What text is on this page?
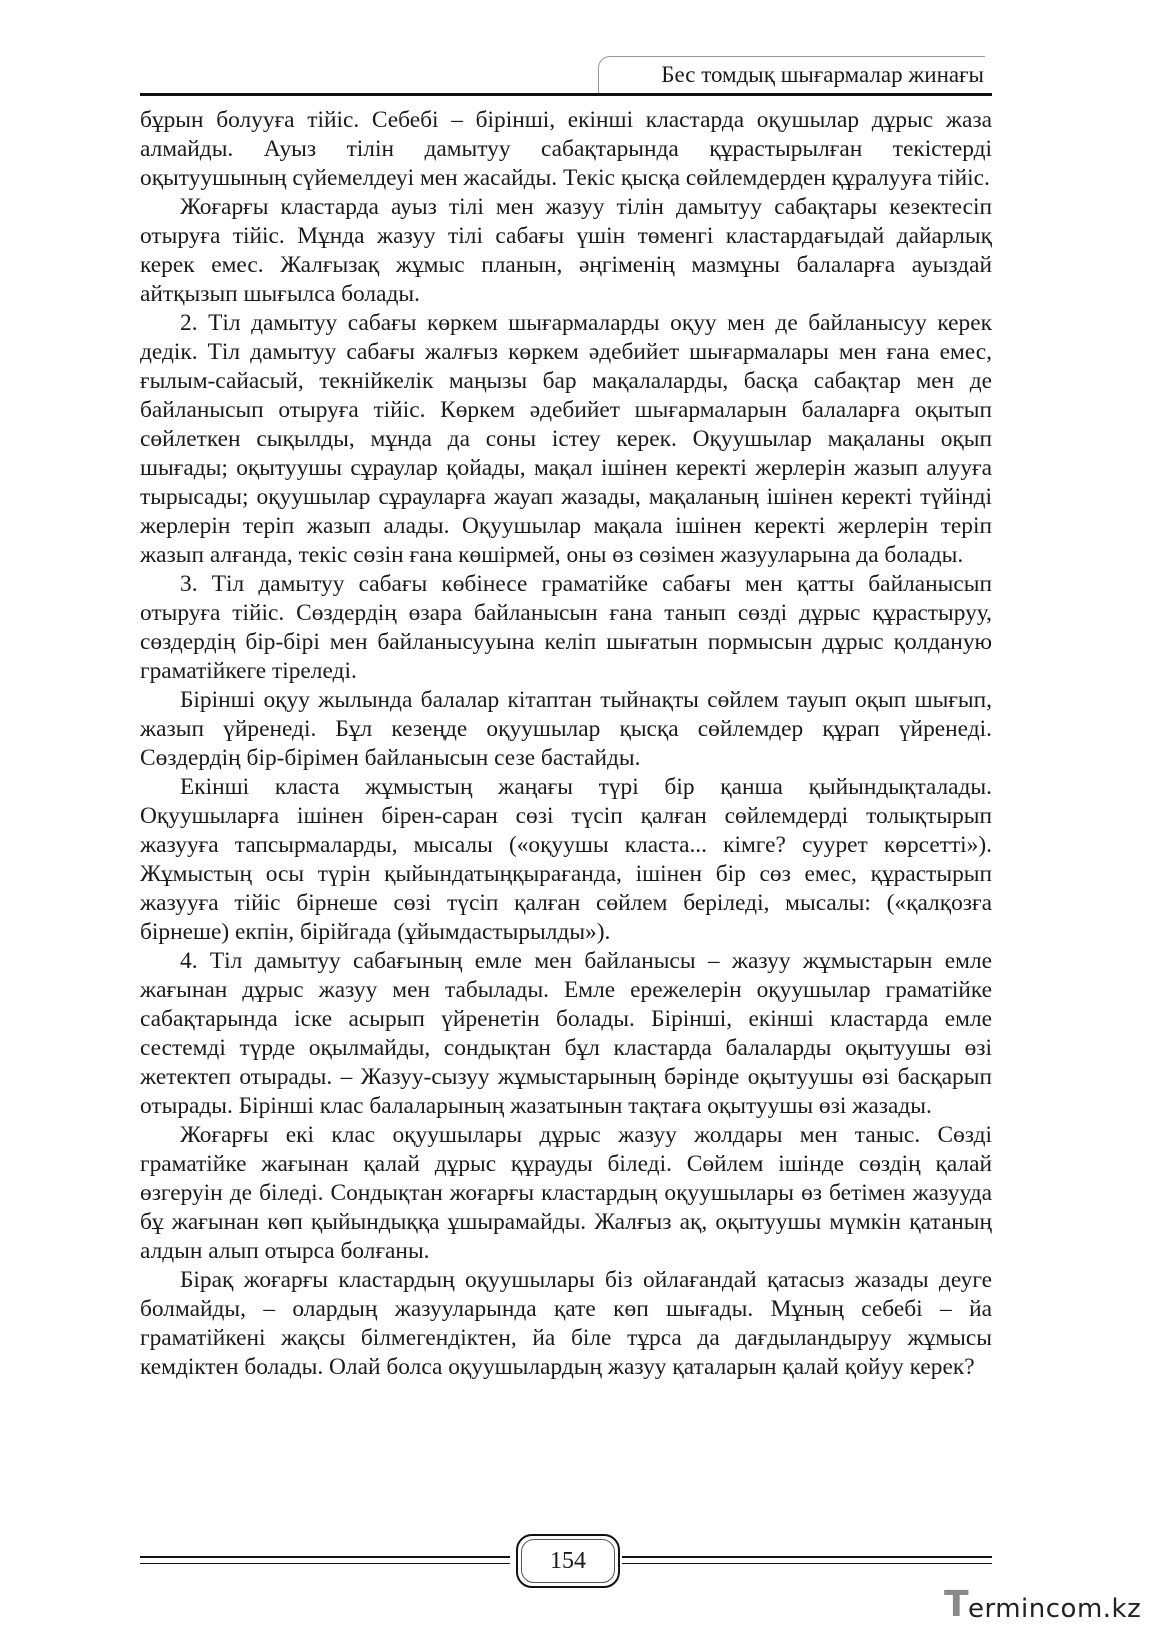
Бес томдық шығармалар жинағы

бұрын болууға тійіс. Себебі – бірінші, екінші кластарда оқушылар дұрыс жаза алмайды. Ауыз тілін дамытуу сабақтарында құрастырылған текістерді оқытуушының сүйемелдеуі мен жасайды. Текіс қысқа сөйлемдерден құралууға тійіс.

Жоғарғы кластарда ауыз тілі мен жазуу тілін дамытуу сабақтары кезектесіп отыруға тійіс. Мұнда жазуу тілі сабағы үшін төменгі кластардағыдай дайарлық керек емес. Жалғызақ жұмыс планын, әңгіменің мазмұны балаларға ауыздай айтқызып шығылса болады.

2. Тіл дамытуу сабағы көркем шығармаларды оқуу мен де байланысуу керек дедік. Тіл дамытуу сабағы жалғыз көркем әдебийет шығармалары мен ғана емес, ғылым-сайасый, текнійкелік маңызы бар мақалаларды, басқа сабақтар мен де байланысып отыруға тійіс. Көркем әдебийет шығармаларын балаларға оқытып сөйлеткен сықылды, мұнда да соны істеу керек. Оқуушылар мақаланы оқып шығады; оқытуушы сұраулар қойады, мақал ішінен керекті жерлерін жазып алууға тырысады; оқуушылар сұрауларға жауап жазады, мақаланың ішінен керекті түйінді жерлерін теріп жазып алады. Оқуушылар мақала ішінен керекті жерлерін теріп жазып алғанда, текіс сөзін ғана көшірмей, оны өз сөзімен жазууларына да болады.

3. Тіл дамытуу сабағы көбінесе граматійке сабағы мен қатты байланысып отыруға тійіс. Сөздердің өзара байланысын ғана танып сөзді дұрыс құрастыруу, сөздердің бір-бірі мен байланысууына келіп шығатын пормысын дұрыс қолданую граматійкеге тіреледі.

Бірінші оқуу жылында балалар кітаптан тыйнақты сөйлем тауып оқып шығып, жазып үйренеді. Бұл кезеңде оқуушылар қысқа сөйлемдер құрап үйренеді. Сөздердің бір-бірімен байланысын сезе бастайды.

Екінші класта жұмыстың жаңағы түрі бір қанша қыйындықталады. Оқуушыларға ішінен бірен-саран сөзі түсіп қалған сөйлемдерді толықтырып жазууға тапсырмаларды, мысалы («оқуушы класта... кімге? суурет көрсетті»). Жұмыстың осы түрін қыйындатыңқырағанда, ішінен бір сөз емес, құрастырып жазууға тійіс бірнеше сөзі түсіп қалған сөйлем беріледі, мысалы: («қалқозға бірнеше) екпін, бірійгада (ұйымдастырылды»).

4. Тіл дамытуу сабағының емле мен байланысы – жазуу жұмыстарын емле жағынан дұрыс жазуу мен табылады. Емле ережелерін оқуушылар граматійке сабақтарында іске асырып үйренетін болады. Бірінші, екінші кластарда емле сестемді түрде оқылмайды, сондықтан бұл кластарда балаларды оқытуушы өзі жетектеп отырады. – Жазуу-сызуу жұмыстарының бәрінде оқытуушы өзі басқарып отырады. Бірінші клас балаларының жазатынын тақтаға оқытуушы өзі жазады.

Жоғарғы екі клас оқуушылары дұрыс жазуу жолдары мен таныс. Сөзді граматійке жағынан қалай дұрыс құрауды біледі. Сөйлем ішінде сөздің қалай өзгеруін де біледі. Сондықтан жоғарғы кластардың оқуушылары өз бетімен жазууда бұ жағынан көп қыйындыққа ұшырамайды. Жалғыз ақ, оқытуушы мүмкін қатаның алдын алып отырса болғаны.

Бірақ жоғарғы кластардың оқуушылары біз ойлағандай қатасыз жазады деуге болмайды, – олардың жазууларында қате көп шығады. Мұның себебі – йа граматійкені жақсы білмегендіктен, йа біле тұрса да дағдыландыруу жұмысы кемдіктен болады. Олай болса оқуушылардың жазуу қаталарын қалай қойуу керек?

154
T ermincom.kz
